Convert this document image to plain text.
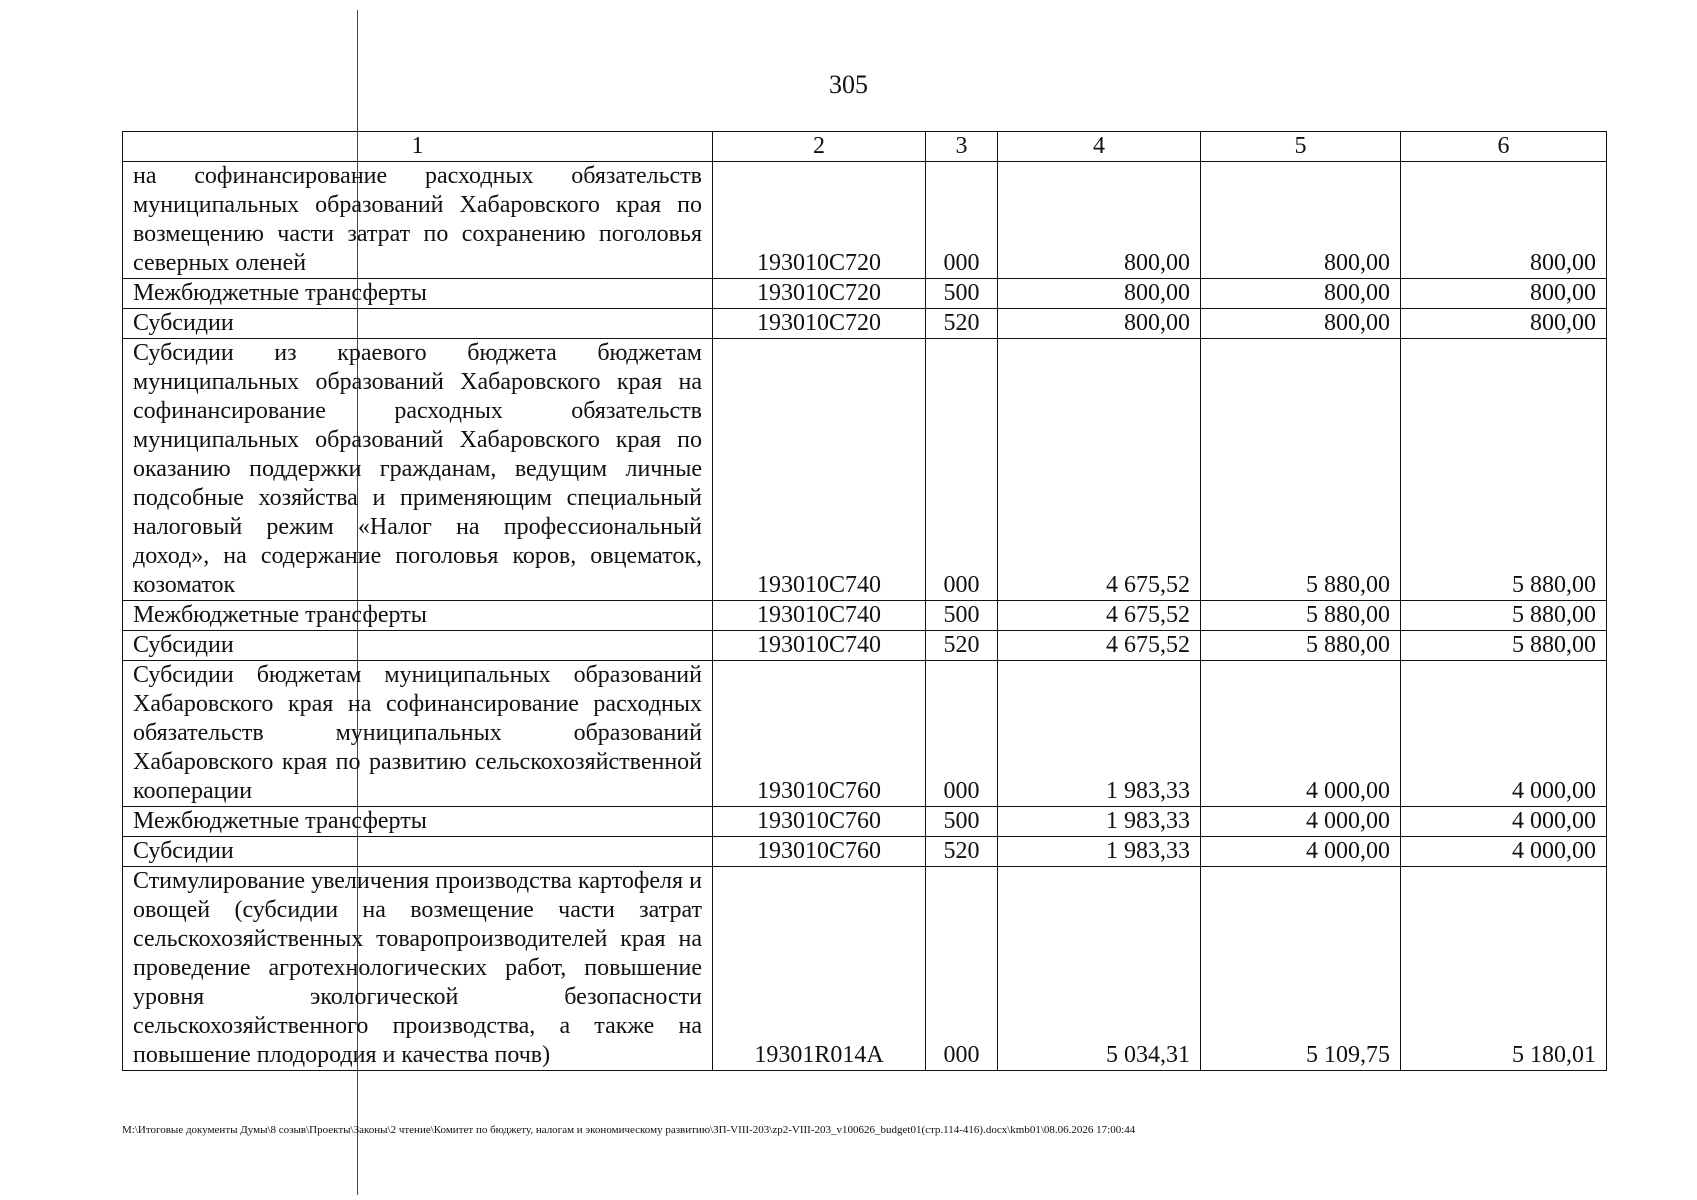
305
1	2	3	4	5	6
на софинансирование расходных обязательств муниципальных образований Хабаровского края по возмещению части затрат по сохранению поголовья северных оленей	193010C720	000	800,00	800,00	800,00
Межбюджетные трансферты	193010C720	500	800,00	800,00	800,00
Субсидии	193010C720	520	800,00	800,00	800,00
Субсидии из краевого бюджета бюджетам муниципальных образований Хабаровского края на софинансирование расходных обязательств муниципальных образований Хабаровского края по оказанию поддержки гражданам, ведущим личные подсобные хозяйства и применяющим специальный налоговый режим «Налог на профессиональный доход», на содержание поголовья коров, овцематок, козоматок	193010C740	000	4 675,52	5 880,00	5 880,00
Межбюджетные трансферты	193010C740	500	4 675,52	5 880,00	5 880,00
Субсидии	193010C740	520	4 675,52	5 880,00	5 880,00
Субсидии бюджетам муниципальных образований Хабаровского края на софинансирование расходных обязательств муниципальных образований Хабаровского края по развитию сельскохозяйственной кооперации	193010C760	000	1 983,33	4 000,00	4 000,00
Межбюджетные трансферты	193010C760	500	1 983,33	4 000,00	4 000,00
Субсидии	193010C760	520	1 983,33	4 000,00	4 000,00
Стимулирование увеличения производства картофеля и овощей (субсидии на возмещение части затрат сельскохозяйственных товаропроизводителей края на проведение агротехнологических работ, повышение уровня экологической безопасности сельскохозяйственного производства, а также на повышение плодородия и качества почв)	19301R014A	000	5 034,31	5 109,75	5 180,01
M:\Итоговые документы Думы\8 созыв\Проекты\Законы\2 чтение\Комитет по бюджету, налогам и экономическому развитию\ЗП-VIII-203\zp2-VIII-203_v100626_budget01(стр.114-416).docx\kmb01\08.06.2026 17:00:44
